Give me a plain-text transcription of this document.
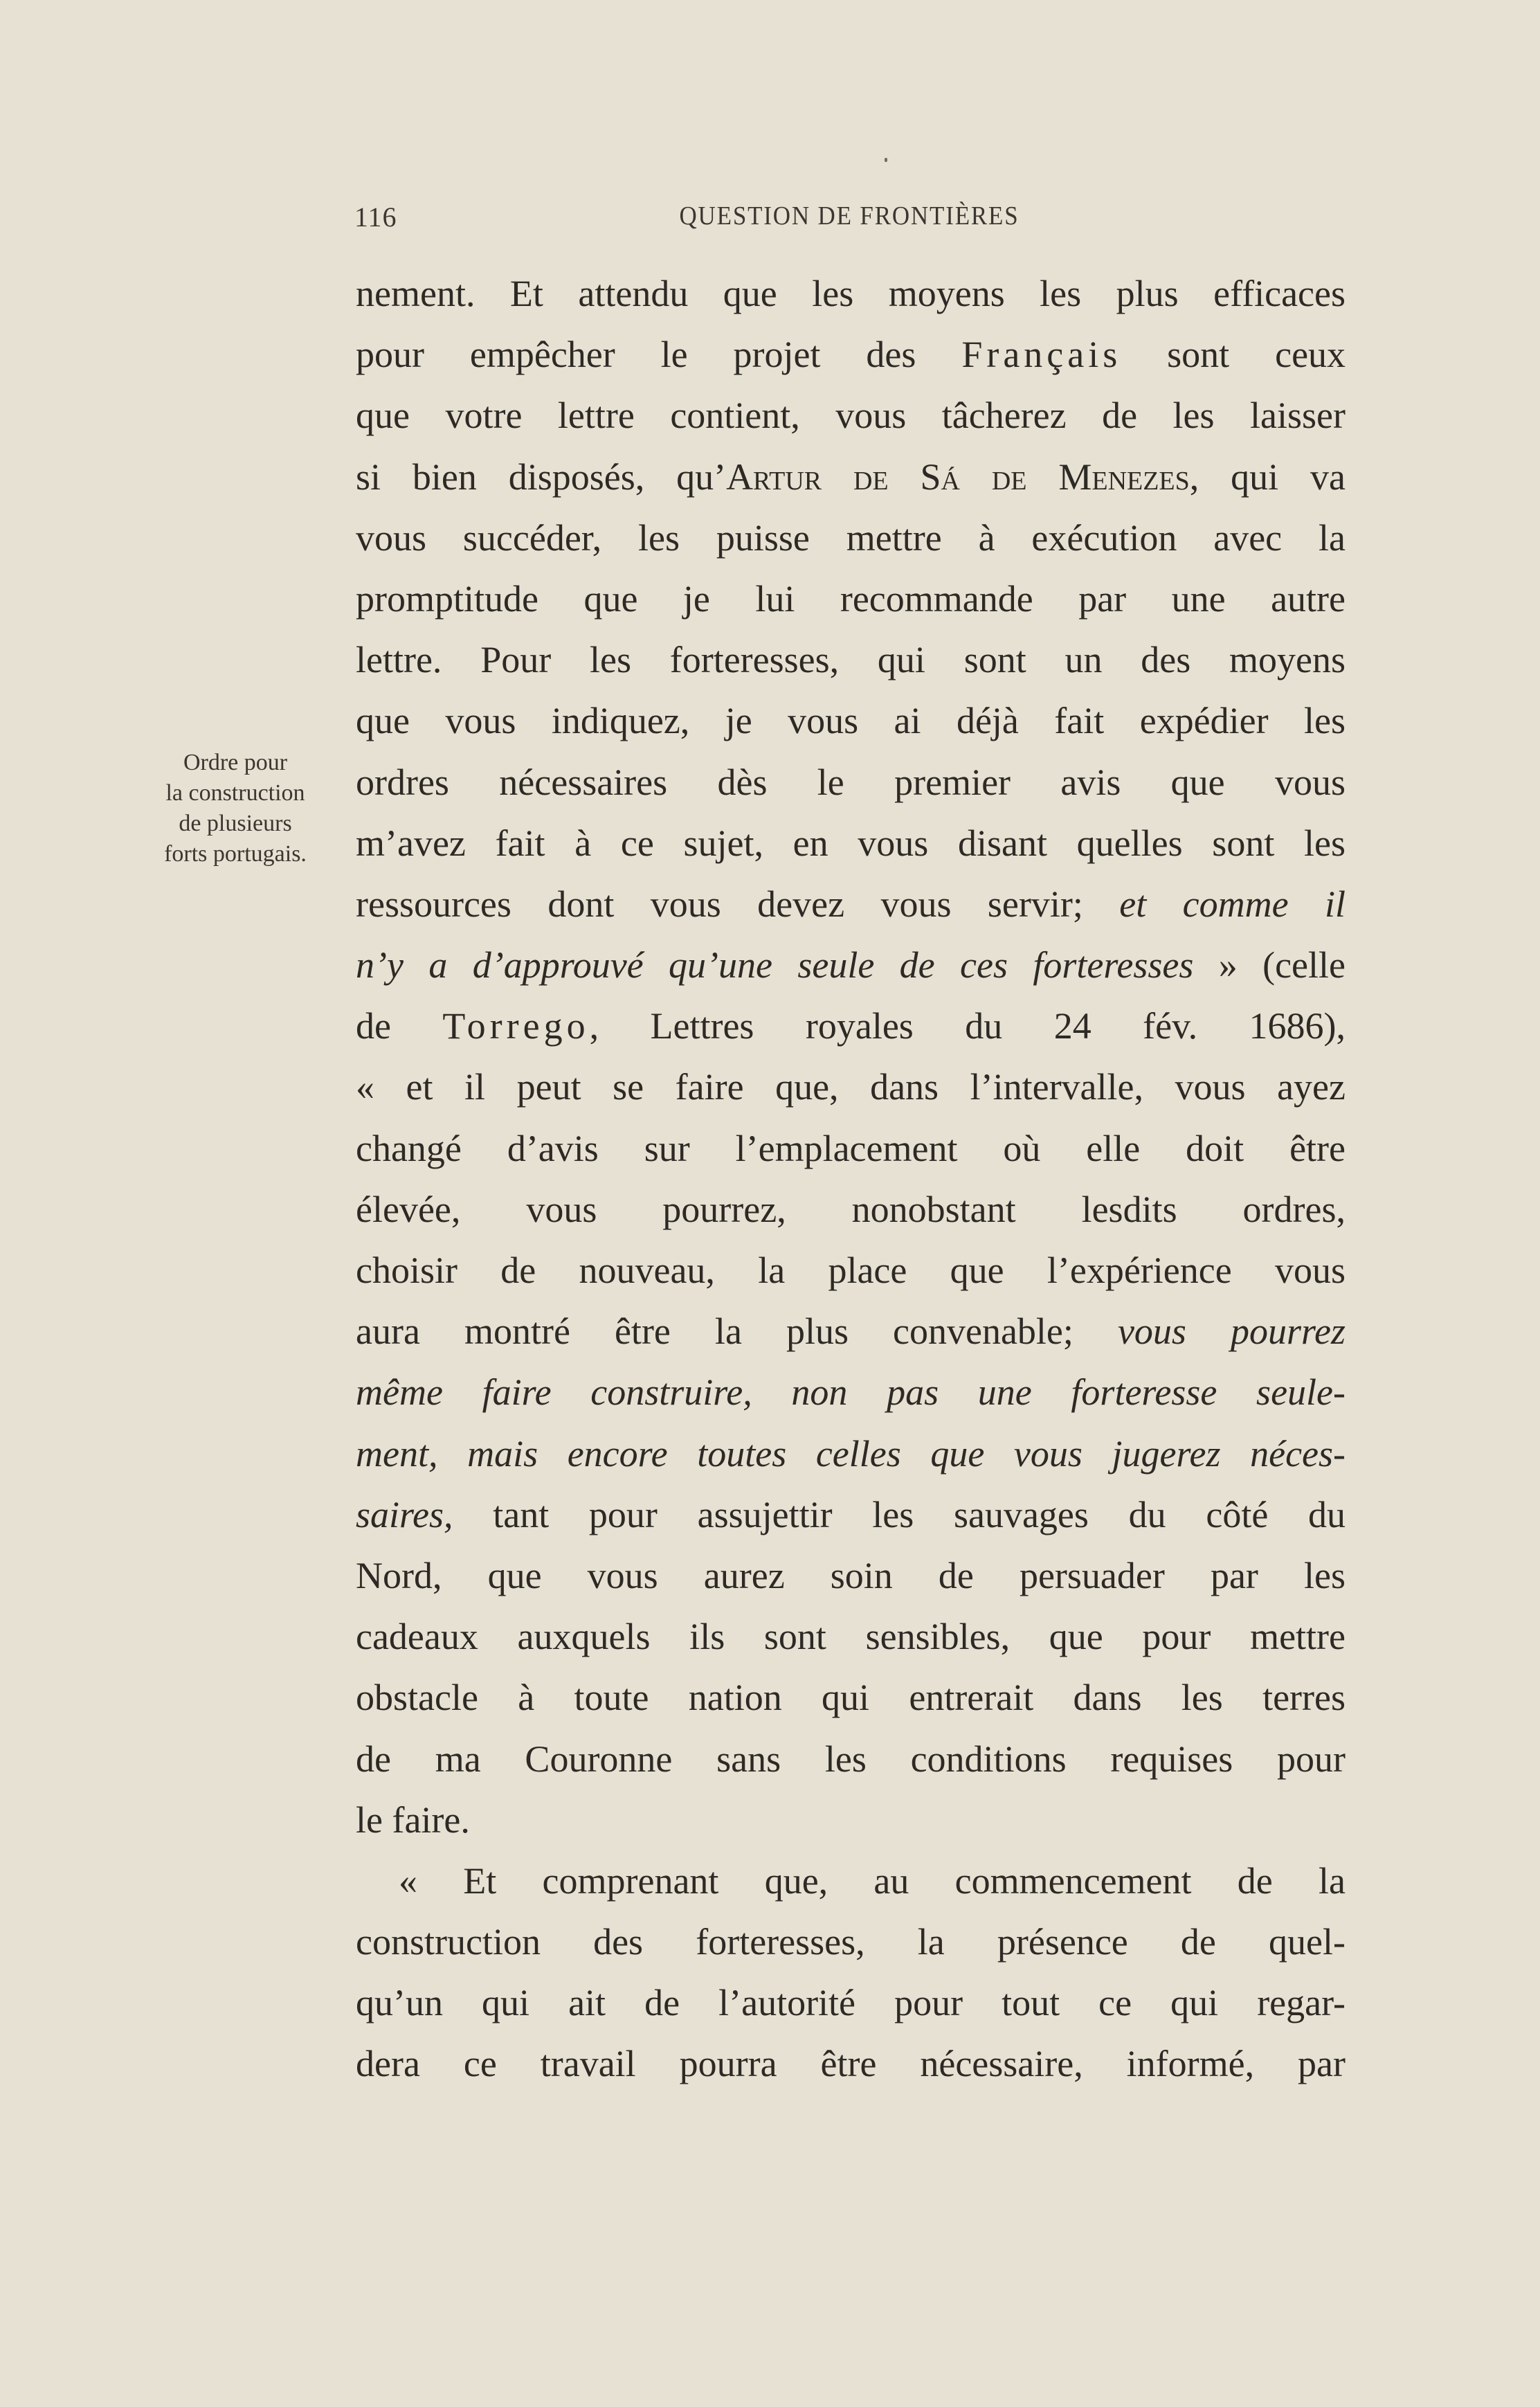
116	QUESTION DE FRONTIÈRES
Ordre pour
la construction
de plusieurs
forts portugais.
nement. Et attendu que les moyens les plus efficaces
pour empêcher le projet des Français sont ceux
que votre lettre contient, vous tâcherez de les laisser
si bien disposés, qu’Artur de Sá de Menezes, qui va
vous succéder, les puisse mettre à exécution avec la
promptitude que je lui recommande par une autre
lettre. Pour les forteresses, qui sont un des moyens
que vous indiquez, je vous ai déjà fait expédier les
ordres nécessaires dès le premier avis que vous
m’avez fait à ce sujet, en vous disant quelles sont les
ressources dont vous devez vous servir; et comme il
n’y a d’approuvé qu’une seule de ces forteresses » (celle
de Torrego, Lettres royales du 24 fév. 1686),
« et il peut se faire que, dans l’intervalle, vous ayez
changé d’avis sur l’emplacement où elle doit être
élevée, vous pourrez, nonobstant lesdits ordres,
choisir de nouveau, la place que l’expérience vous
aura montré être la plus convenable; vous pourrez
même faire construire, non pas une forteresse seule-
ment, mais encore toutes celles que vous jugerez néces-
saires, tant pour assujettir les sauvages du côté du
Nord, que vous aurez soin de persuader par les
cadeaux auxquels ils sont sensibles, que pour mettre
obstacle à toute nation qui entrerait dans les terres
de ma Couronne sans les conditions requises pour
le faire.
« Et comprenant que, au commencement de la
construction des forteresses, la présence de quel-
qu’un qui ait de l’autorité pour tout ce qui regar-
dera ce travail pourra être nécessaire, informé, par
